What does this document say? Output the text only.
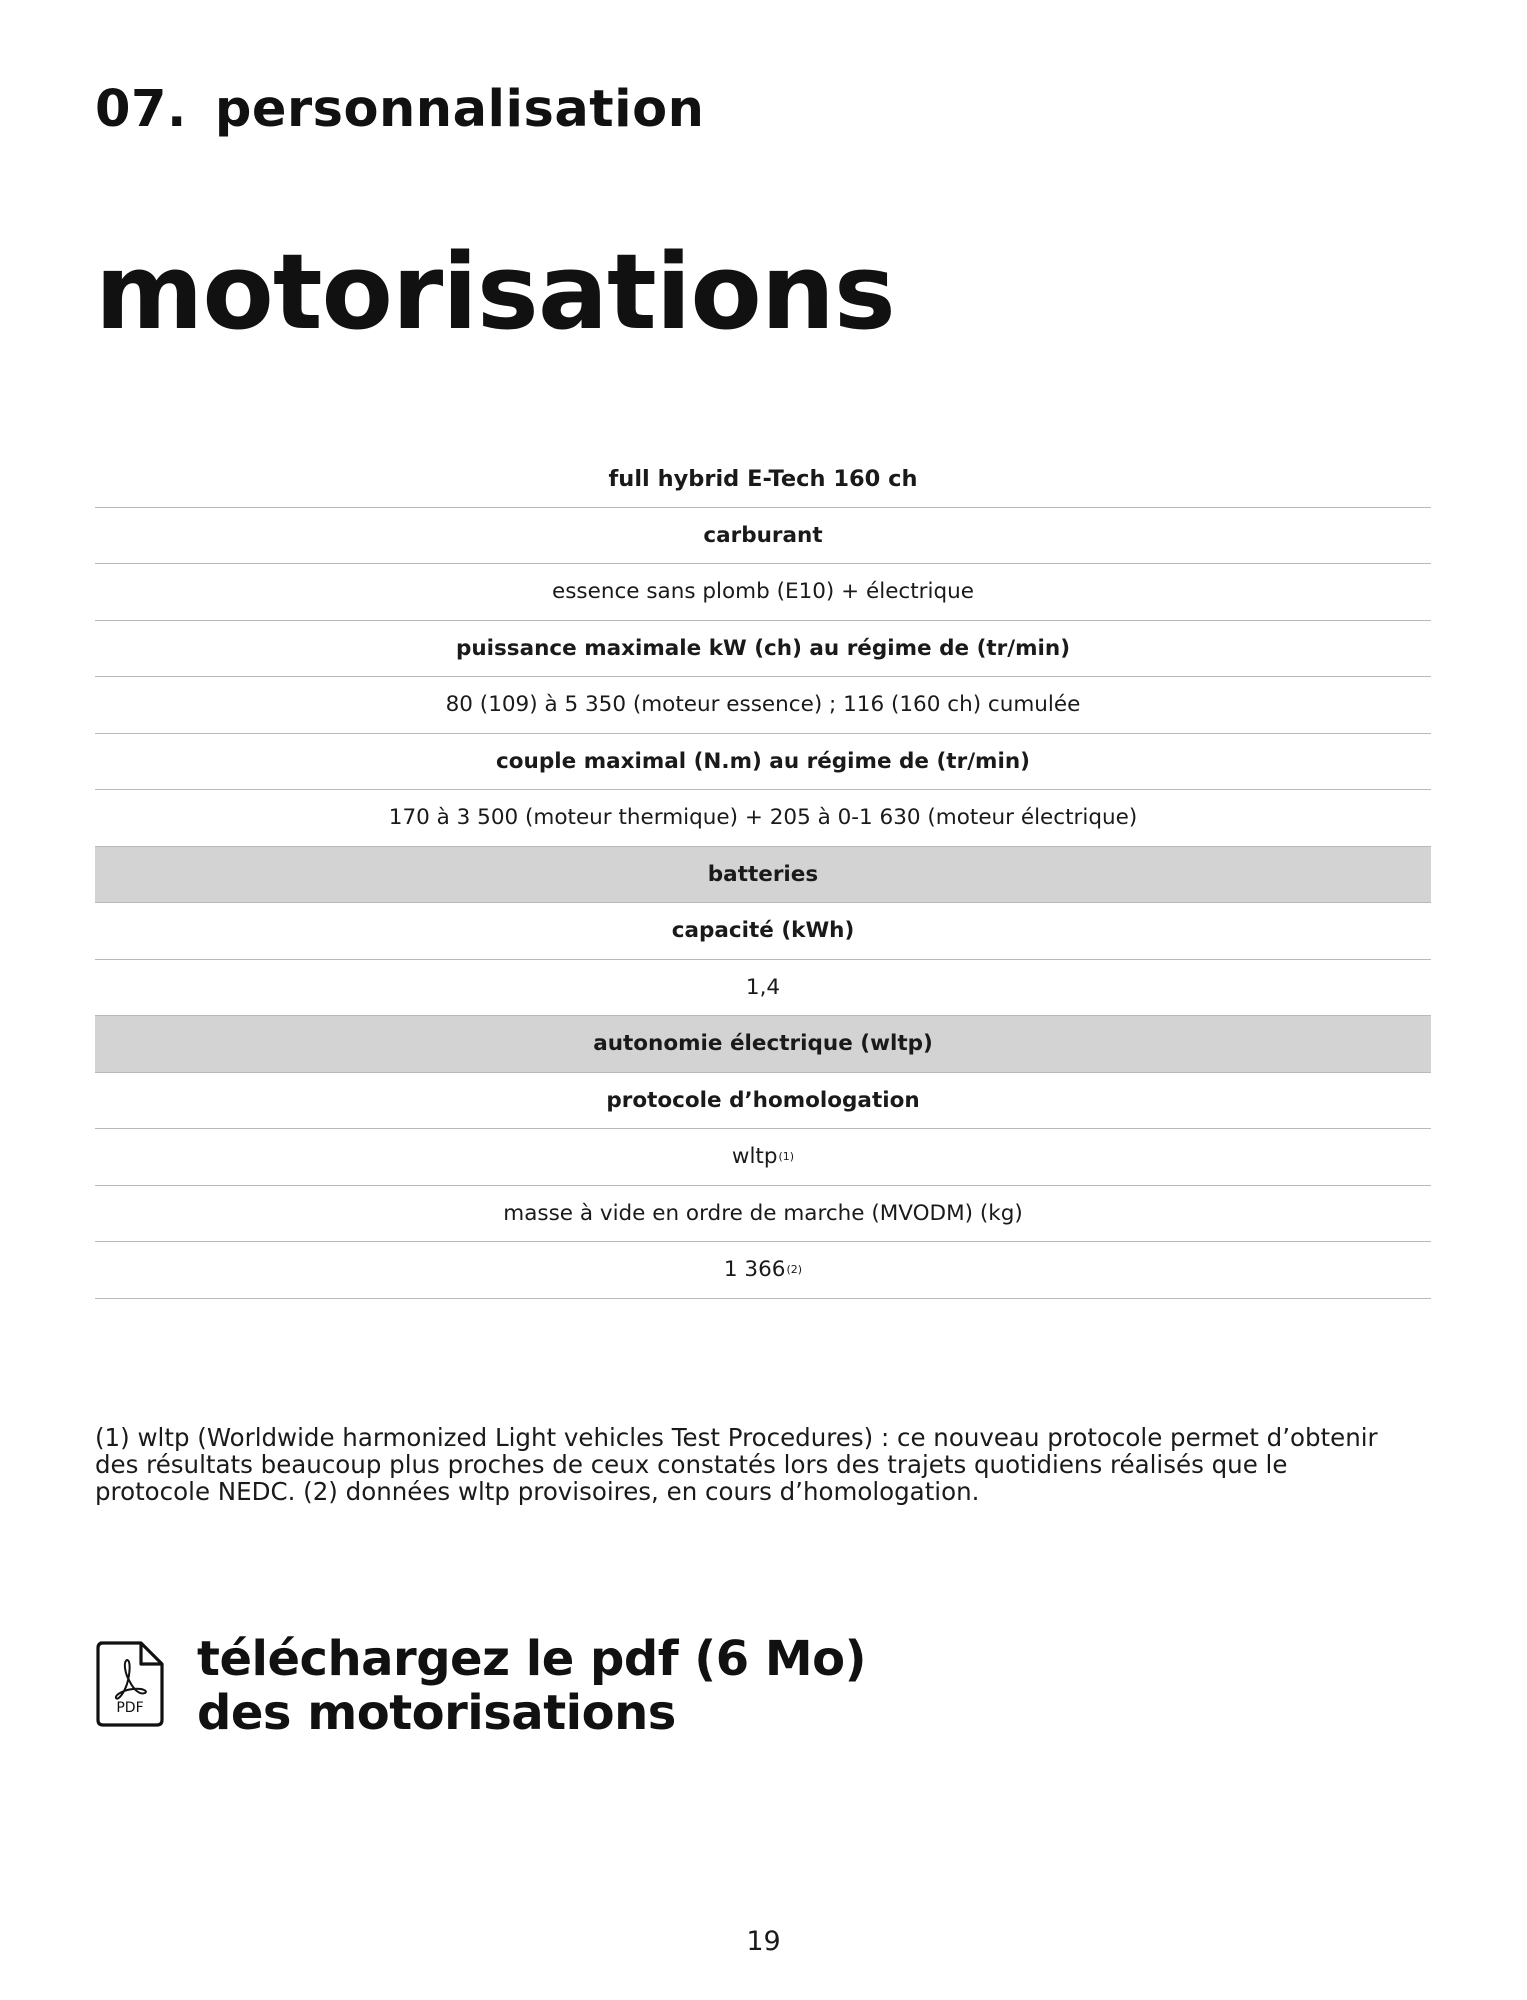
07. personnalisation
motorisations
full hybrid E-Tech 160 ch
carburant
essence sans plomb (E10) + électrique
puissance maximale kW (ch) au régime de (tr/min)
80 (109) à 5 350 (moteur essence) ; 116 (160 ch) cumulée
couple maximal (N.m) au régime de (tr/min)
170 à 3 500 (moteur thermique) + 205 à 0-1 630 (moteur électrique)
batteries
capacité (kWh)
1,4
autonomie électrique (wltp)
protocole d’homologation
wltp (1)
masse à vide en ordre de marche (MVODM) (kg)
1 366 (2)

(1) wltp (Worldwide harmonized Light vehicles Test Procedures) : ce nouveau protocole permet d’obtenir des résultats beaucoup plus proches de ceux constatés lors des trajets quotidiens réalisés que le protocole NEDC. (2) données wltp provisoires, en cours d’homologation.

PDF
téléchargez le pdf (6 Mo)
des motorisations
19
